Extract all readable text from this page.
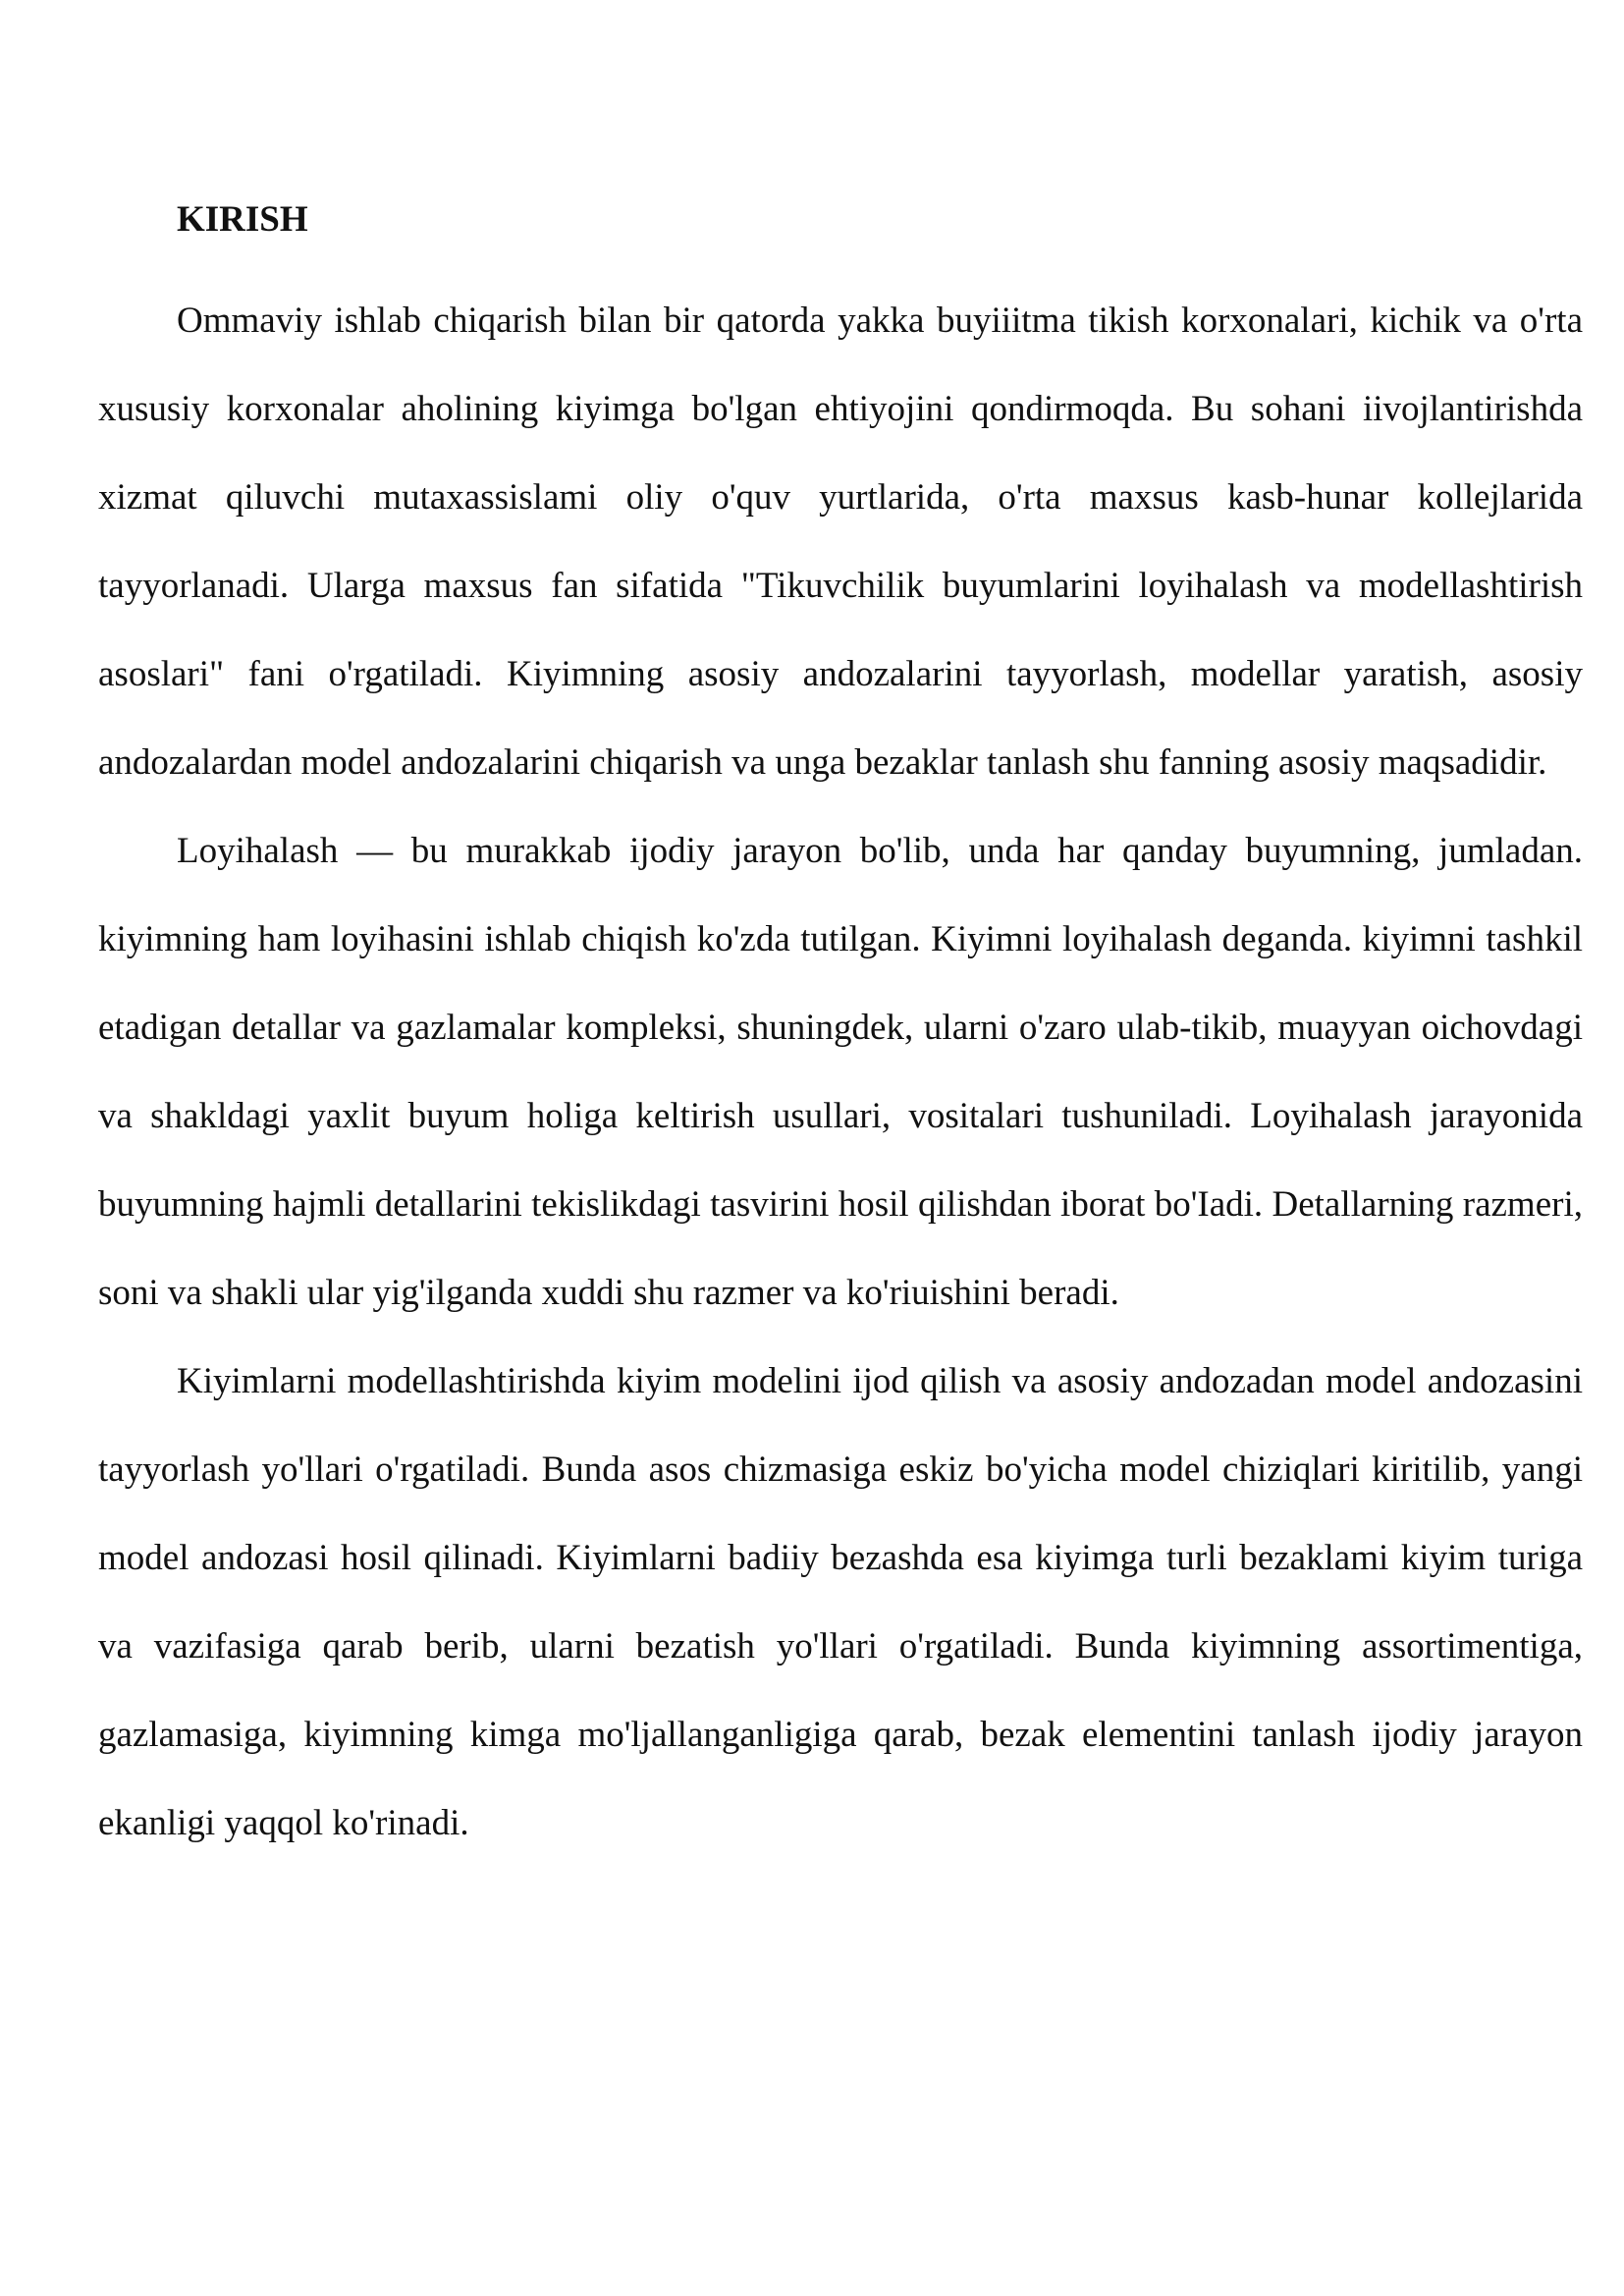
KIRISH

Ommaviy ishlab chiqarish bilan bir qatorda yakka buyiiitma tikish korxonalari, kichik va o'rta xususiy korxonalar aholining kiyimga bo'lgan ehtiyojini qondirmoqda. Bu sohani iivojlantirishda xizmat qiluvchi mutaxassislami oliy o'quv yurtlarida, o'rta maxsus kasb-hunar kollejlarida tayyorlanadi. Ularga maxsus fan sifatida "Tikuvchilik buyumlarini loyihalash va modellashtirish asoslari" fani o'rgatiladi. Kiyimning asosiy andozalarini tayyorlash, modellar yaratish, asosiy andozalardan model andozalarini chiqarish va unga bezaklar tanlash shu fanning asosiy maqsadidir.

Loyihalash — bu murakkab ijodiy jarayon bo'lib, unda har qanday buyumning, jumladan. kiyimning ham loyihasini ishlab chiqish ko'zda tutilgan. Kiyimni loyihalash deganda. kiyimni tashkil etadigan detallar va gazlamalar kompleksi, shuningdek, ularni o'zaro ulab-tikib, muayyan oichovdagi va shakldagi yaxlit buyum holiga keltirish usullari, vositalari tushuniladi. Loyihalash jarayonida buyumning hajmli detallarini tekislikdagi tasvirini hosil qilishdan iborat bo'Iadi. Detallarning razmeri, soni va shakli ular yig'ilganda xuddi shu razmer va ko'riuishini beradi.

Kiyimlarni modellashtirishda kiyim modelini ijod qilish va asosiy andozadan model andozasini tayyorlash yo'llari o'rgatiladi. Bunda asos chizmasiga eskiz bo'yicha model chiziqlari kiritilib, yangi model andozasi hosil qilinadi. Kiyimlarni badiiy bezashda esa kiyimga turli bezaklami kiyim turiga va vazifasiga qarab berib, ularni bezatish yo'llari o'rgatiladi. Bunda kiyimning assortimentiga, gazlamasiga, kiyimning kimga mo'ljallanganligiga qarab, bezak elementini tanlash ijodiy jarayon ekanligi yaqqol ko'rinadi.
